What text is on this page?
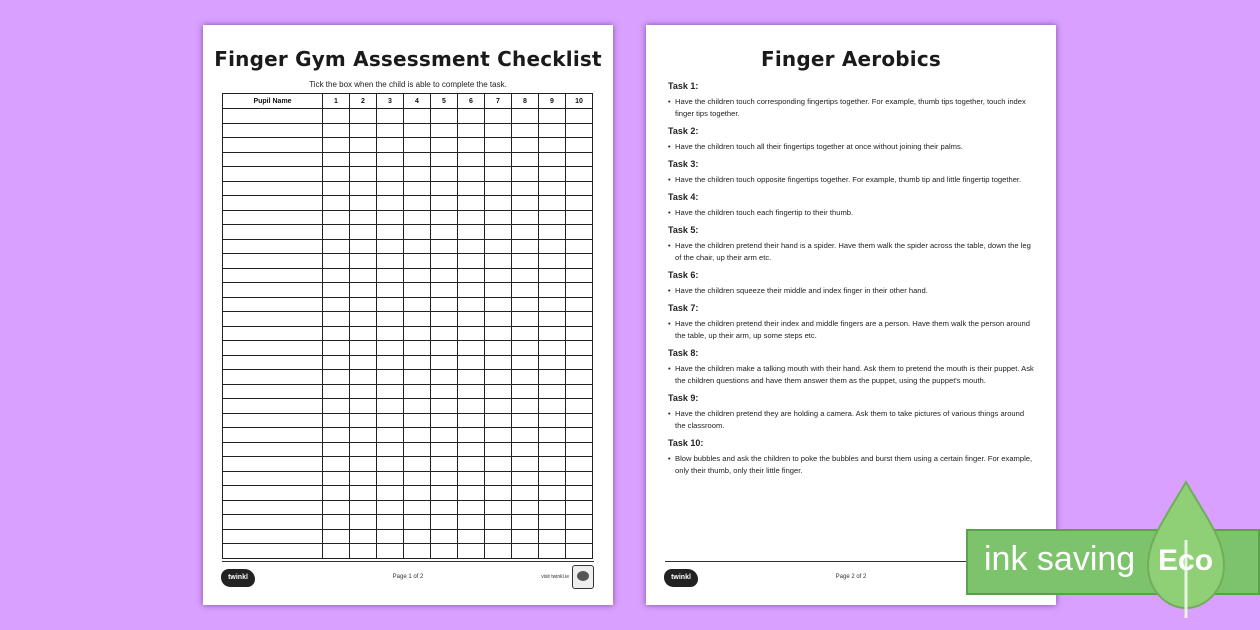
Finger Gym Assessment Checklist
Tick the box when the child is able to complete the task.
Pupil Name	1	2	3	4	5	6	7	8	9	10

twinkl	Page 1 of 2	visit twinkl.ie
Finger Aerobics
Task 1:
• Have the children touch corresponding fingertips together. For example, thumb tips together, touch index finger tips together.
Task 2:
• Have the children touch all their fingertips together at once without joining their palms.
Task 3:
• Have the children touch opposite fingertips together. For example, thumb tip and little fingertip together.
Task 4:
• Have the children touch each fingertip to their thumb.
Task 5:
• Have the children pretend their hand is a spider. Have them walk the spider across the table, down the leg of the chair, up their arm etc.
Task 6:
• Have the children squeeze their middle and index finger in their other hand.
Task 7:
• Have the children pretend their index and middle fingers are a person. Have them walk the person around the table, up their arm, up some steps etc.
Task 8:
• Have the children make a talking mouth with their hand. Ask them to pretend the mouth is their puppet. Ask the children questions and have them answer them as the puppet, using the puppet's mouth.
Task 9:
• Have the children pretend they are holding a camera. Ask them to take pictures of various things around the classroom.
Task 10:
• Blow bubbles and ask the children to poke the bubbles and burst them using a certain finger. For example, only their thumb, only their little finger.
twinkl	Page 2 of 2	ink saving Eco
